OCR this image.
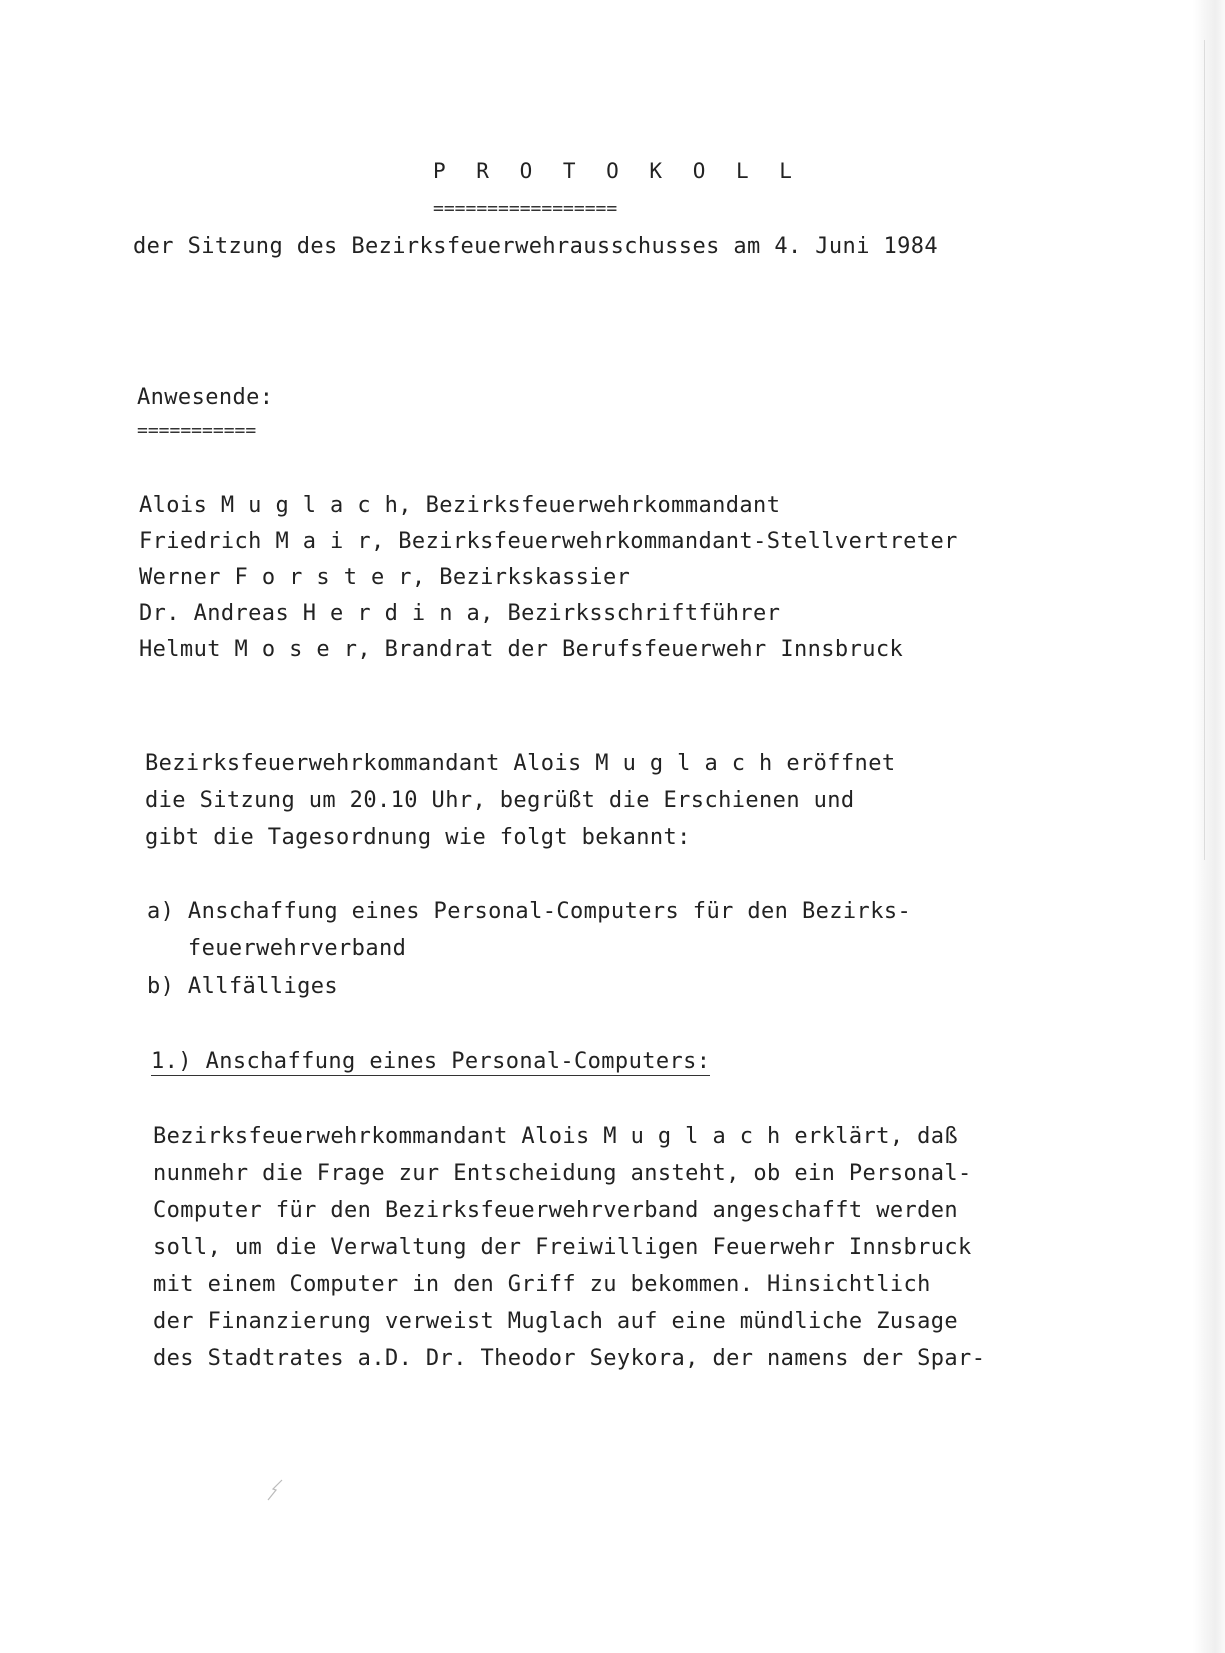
P R O T O K O L L

=================

der Sitzung des Bezirksfeuerwehrausschusses am 4. Juni 1984

Anwesende:

===========

Alois M u g l a c h, Bezirksfeuerwehrkommandant

Friedrich M a i r, Bezirksfeuerwehrkommandant-Stellvertreter

Werner F o r s t e r, Bezirkskassier

Dr. Andreas H e r d i n a, Bezirksschriftführer

Helmut M o s e r, Brandrat der Berufsfeuerwehr Innsbruck

Bezirksfeuerwehrkommandant Alois M u g l a c h eröffnet

die Sitzung um 20.10 Uhr, begrüßt die Erschienen und

gibt die Tagesordnung wie folgt bekannt:

a) Anschaffung eines Personal-Computers für den Bezirks-

feuerwehrverband

b) Allfälliges

1.) Anschaffung eines Personal-Computers:

Bezirksfeuerwehrkommandant Alois M u g l a c h erklärt, daß

nunmehr die Frage zur Entscheidung ansteht, ob ein Personal-

Computer für den Bezirksfeuerwehrverband angeschafft werden

soll, um die Verwaltung der Freiwilligen Feuerwehr Innsbruck

mit einem Computer in den Griff zu bekommen. Hinsichtlich

der Finanzierung verweist Muglach auf eine mündliche Zusage

des Stadtrates a.D. Dr. Theodor Seykora, der namens der Spar-
